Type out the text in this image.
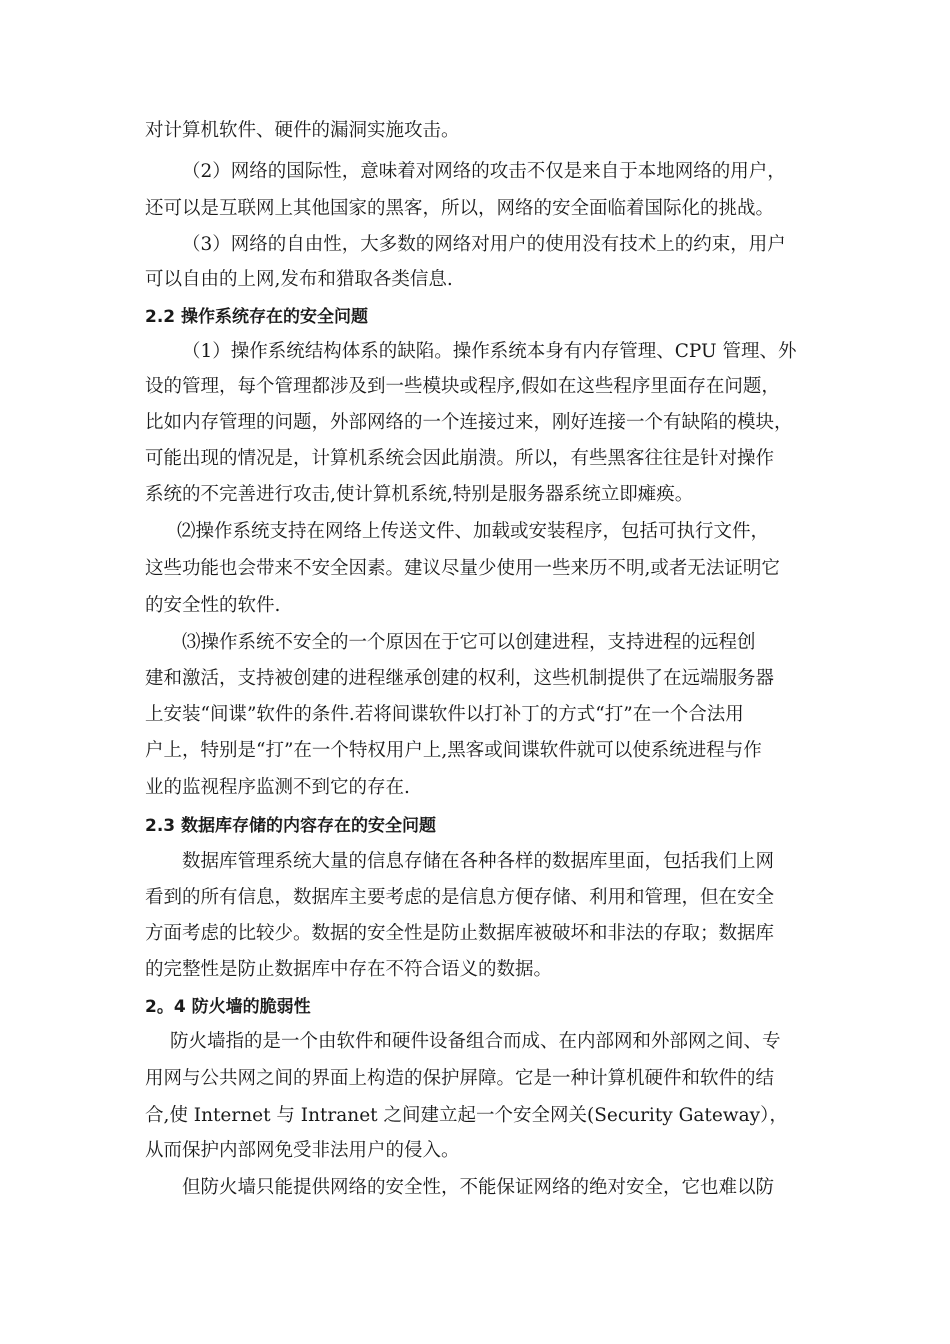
对计算机软件、硬件的漏洞实施攻击。
（2）网络的国际性，意味着对网络的攻击不仅是来自于本地网络的用户，
还可以是互联网上其他国家的黑客，所以，网络的安全面临着国际化的挑战。
（3）网络的自由性，大多数的网络对用户的使用没有技术上的约束，用户
可以自由的上网,发布和猎取各类信息.
2.2 操作系统存在的安全问题
（1）操作系统结构体系的缺陷。操作系统本身有内存管理、CPU 管理、外
设的管理，每个管理都涉及到一些模块或程序,假如在这些程序里面存在问题，
比如内存管理的问题，外部网络的一个连接过来，刚好连接一个有缺陷的模块，
可能出现的情况是，计算机系统会因此崩溃。所以，有些黑客往往是针对操作
系统的不完善进行攻击,使计算机系统,特别是服务器系统立即瘫痪。
⑵操作系统支持在网络上传送文件、加载或安装程序，包括可执行文件，
这些功能也会带来不安全因素。建议尽量少使用一些来历不明,或者无法证明它
的安全性的软件.
⑶操作系统不安全的一个原因在于它可以创建进程，支持进程的远程创
建和激活，支持被创建的进程继承创建的权利，这些机制提供了在远端服务器
上安装“间谍”软件的条件.若将间谍软件以打补丁的方式“打”在一个合法用
户上，特别是“打”在一个特权用户上,黑客或间谍软件就可以使系统进程与作
业的监视程序监测不到它的存在.
2.3 数据库存储的内容存在的安全问题
数据库管理系统大量的信息存储在各种各样的数据库里面，包括我们上网
看到的所有信息，数据库主要考虑的是信息方便存储、利用和管理，但在安全
方面考虑的比较少。数据的安全性是防止数据库被破坏和非法的存取；数据库
的完整性是防止数据库中存在不符合语义的数据。
2。4 防火墙的脆弱性
防火墙指的是一个由软件和硬件设备组合而成、在内部网和外部网之间、专
用网与公共网之间的界面上构造的保护屏障。它是一种计算机硬件和软件的结
合,使 Internet 与 Intranet 之间建立起一个安全网关(Security Gateway），
从而保护内部网免受非法用户的侵入。
但防火墙只能提供网络的安全性，不能保证网络的绝对安全，它也难以防
